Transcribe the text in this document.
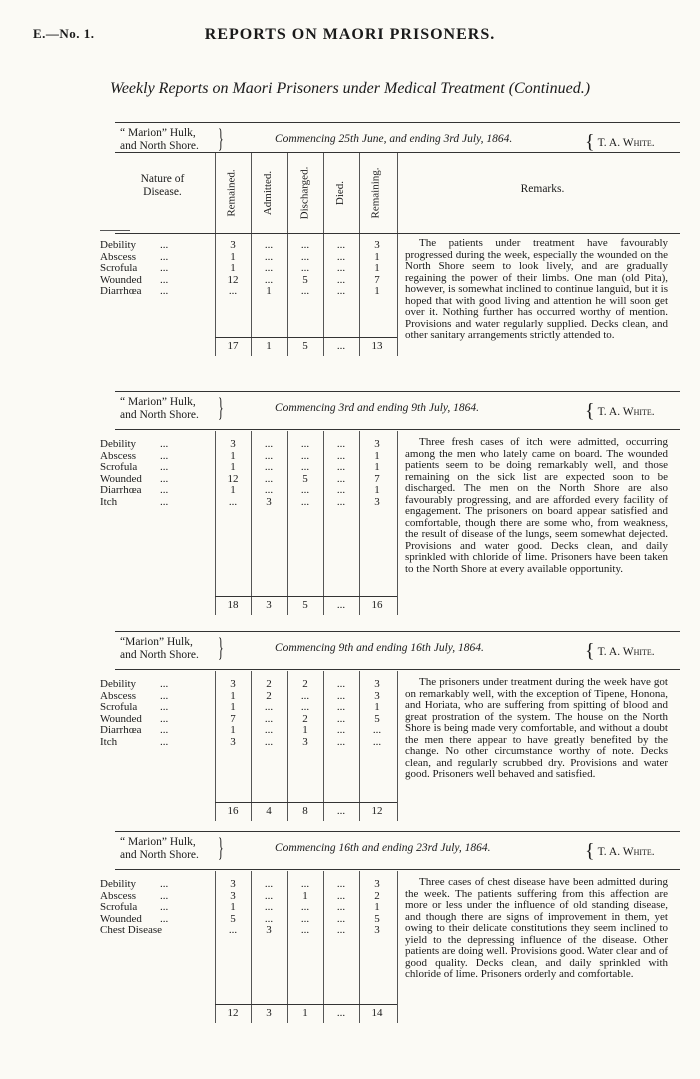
E.—No. 1.	REPORTS ON MAORI PRISONERS.
Weekly Reports on Maori Prisoners under Medical Treatment (Continued.)
“ Marion” Hulk,
and North Shore. }	Commencing 25th June, and ending 3rd July, 1864.	{ T. A. White.
Nature of
Disease.	Remained. Admitted. Discharged. Died. Remaining.	Remarks.
Debility ...	3	...	...	...	3
Abscess ...	1	...	...	...	1
Scrofula ...	1	...	...	...	1
Wounded ...	12	...	5	...	7
Diarrhœa ...	...	1	...	...	1
17	1	5	...	13

The patients under treatment have favourably progressed during the week, especially the wounded on the North Shore seem to look lively, and are gradually regaining the power of their limbs. One man (old Pita), however, is somewhat inclined to continue languid, but it is hoped that with good living and attention he will soon get over it. Nothing further has occurred worthy of mention. Provisions and water regularly supplied. Decks clean, and other sanitary arrangements strictly attended to.

“ Marion” Hulk,
and North Shore. }	Commencing 3rd and ending 9th July, 1864.	{ T. A. White.
Debility ...	3	...	...	...	3
Abscess ...	1	...	...	...	1
Scrofula ...	1	...	...	...	1
Wounded ...	12	...	5	...	7
Diarrhœa ...	1	...	...	...	1
Itch	...	...	3	...	...	3
18	3	5	...	16

Three fresh cases of itch were admitted, occurring among the men who lately came on board. The wounded patients seem to be doing remarkably well, and those remaining on the sick list are expected soon to be discharged. The men on the North Shore are also favourably progressing, and are afforded every facility of engagement. The prisoners on board appear satisfied and comfortable, though there are some who, from weakness, the result of disease of the lungs, seem somewhat dejected. Provisions and water good. Decks clean, and daily sprinkled with chloride of lime. Prisoners have been taken to the North Shore at every available opportunity.

“Marion” Hulk,
and North Shore. }	Commencing 9th and ending 16th July, 1864.	{ T. A. White.
Debility ...	3	2	2	...	3
Abscess ...	1	2	...	...	3
Scrofula ...	1	...	...	...	1
Wounded ...	7	...	2	...	5
Diarrhœa ...	1	...	1	...	...
Itch	...	3	...	3	...	...
16	4	8	...	12

The prisoners under treatment during the week have got on remarkably well, with the exception of Tipene, Honona, and Horiata, who are suffering from spitting of blood and great prostration of the system. The house on the North Shore is being made very comfortable, and without a doubt the men there appear to have greatly benefited by the change. No other circumstance worthy of note. Decks clean, and regularly scrubbed dry. Provisions and water good. Prisoners well behaved and satisfied.

“ Marion” Hulk,
and North Shore. }	Commencing 16th and ending 23rd July, 1864.	{ T. A. White.
Debility ...	3	...	...	...	3
Abscess ...	3	...	1	...	2
Scrofula ...	1	...	...	...	1
Wounded ...	5	...	...	...	5
Chest Disease	...	3	...	...	3
12	3	1	...	14

Three cases of chest disease have been admitted during the week. The patients suffering from this affection are more or less under the influence of old standing disease, and though there are signs of improvement in them, yet owing to their delicate constitutions they seem inclined to yield to the depressing influence of the disease. Other patients are doing well. Provisions good. Water clear and of good quality. Decks clean, and daily sprinkled with chloride of lime. Prisoners orderly and comfortable.
